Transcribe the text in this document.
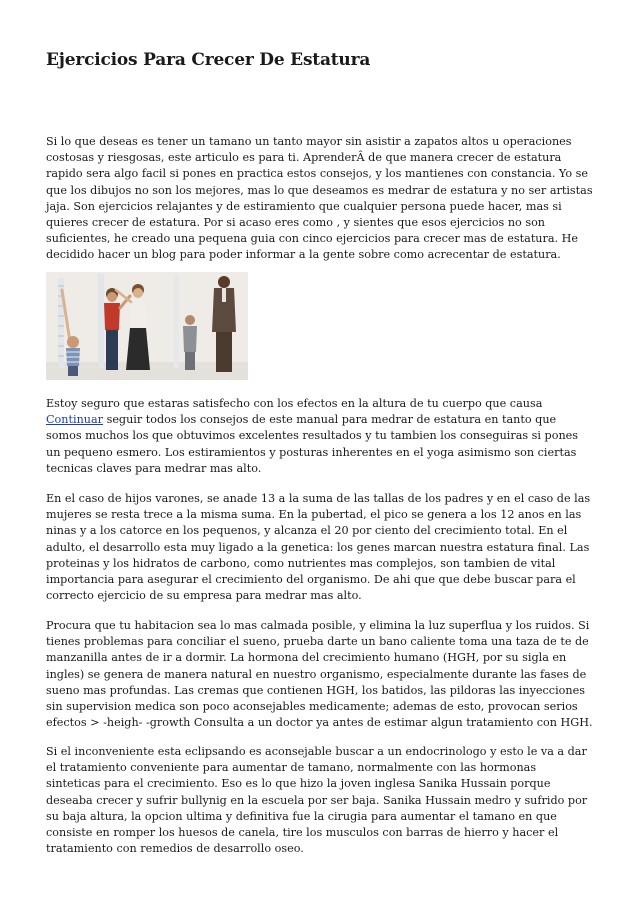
Ejercicios Para Crecer De Estatura

Si lo que deseas es tener un tamano un tanto mayor sin asistir a zapatos altos u operaciones costosas y riesgosas, este articulo es para ti. AprenderÂ de que manera crecer de estatura rapido sera algo facil si pones en practica estos consejos, y los mantienes con constancia. Yo se que los dibujos no son los mejores, mas lo que deseamos es medrar de estatura y no ser artistas jaja. Son ejercicios relajantes y de estiramiento que cualquier persona puede hacer, mas si quieres crecer de estatura. Por si acaso eres como , y sientes que esos ejercicios no son suficientes, he creado una pequena guia con cinco ejercicios para crecer mas de estatura. He decidido hacer un blog para poder informar a la gente sobre como acrecentar de estatura.

Estoy seguro que estaras satisfecho con los efectos en la altura de tu cuerpo que causa Continuar seguir todos los consejos de este manual para medrar de estatura en tanto que somos muchos los que obtuvimos excelentes resultados y tu tambien los conseguiras si pones un pequeno esmero. Los estiramientos y posturas inherentes en el yoga asimismo son ciertas tecnicas claves para medrar mas alto.

En el caso de hijos varones, se anade 13 a la suma de las tallas de los padres y en el caso de las mujeres se resta trece a la misma suma. En la pubertad, el pico se genera a los 12 anos en las ninas y a los catorce en los pequenos, y alcanza el 20 por ciento del crecimiento total. En el adulto, el desarrollo esta muy ligado a la genetica: los genes marcan nuestra estatura final. Las proteinas y los hidratos de carbono, como nutrientes mas complejos, son tambien de vital importancia para asegurar el crecimiento del organismo. De ahi que que debe buscar para el correcto ejercicio de su empresa para medrar mas alto.

Procura que tu habitacion sea lo mas calmada posible, y elimina la luz superflua y los ruidos. Si tienes problemas para conciliar el sueno, prueba darte un bano caliente toma una taza de te de manzanilla antes de ir a dormir. La hormona del crecimiento humano (HGH, por su sigla en ingles) se genera de manera natural en nuestro organismo, especialmente durante las fases de sueno mas profundas. Las cremas que contienen HGH, los batidos, las pildoras las inyecciones sin supervision medica son poco aconsejables medicamente; ademas de esto, provocan serios efectos > -heigh- -growth Consulta a un doctor ya antes de estimar algun tratamiento con HGH.

Si el inconveniente esta eclipsando es aconsejable buscar a un endocrinologo y esto le va a dar el tratamiento conveniente para aumentar de tamano, normalmente con las hormonas sinteticas para el crecimiento. Eso es lo que hizo la joven inglesa Sanika Hussain porque deseaba crecer y sufrir bullynig en la escuela por ser baja. Sanika Hussain medro y sufrido por su baja altura, la opcion ultima y definitiva fue la cirugia para aumentar el tamano en que consiste en romper los huesos de canela, tire los musculos con barras de hierro y hacer el tratamiento con remedios de desarrollo oseo.
